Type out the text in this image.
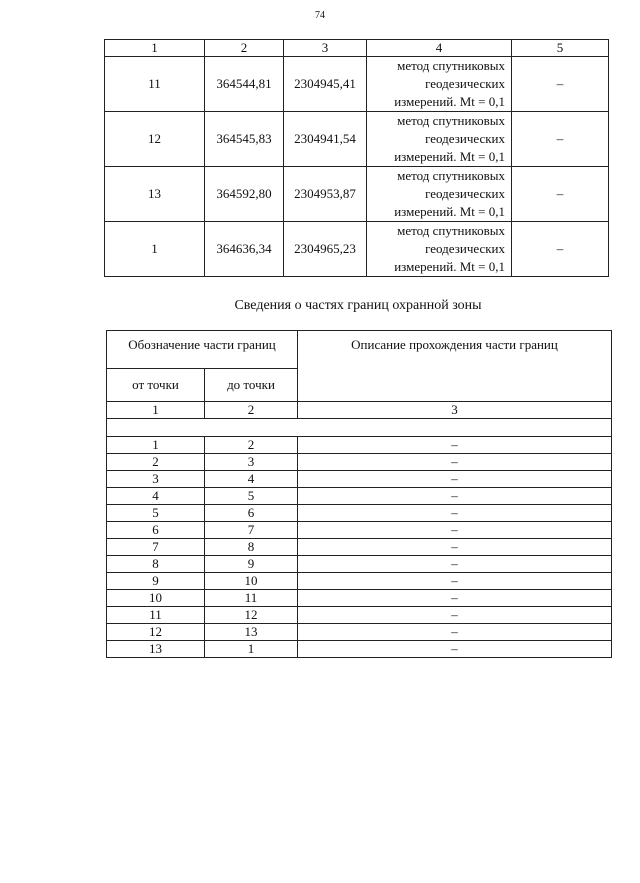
74
1	2	3	4	5
11	364544,81	2304945,41	метод спутниковых
геодезических
измерений. Mt = 0,1	–
12	364545,83	2304941,54	метод спутниковых
геодезических
измерений. Mt = 0,1	–
13	364592,80	2304953,87	метод спутниковых
геодезических
измерений. Mt = 0,1	–
1	364636,34	2304965,23	метод спутниковых
геодезических
измерений. Mt = 0,1	–
Сведения о частях границ охранной зоны
Обозначение части границ		Описание прохождения части границ
от точки	до точки	
1	2	3

1	2	–
2	3	–
3	4	–
4	5	–
5	6	–
6	7	–
7	8	–
8	9	–
9	10	–
10	11	–
11	12	–
12	13	–
13	1	–
